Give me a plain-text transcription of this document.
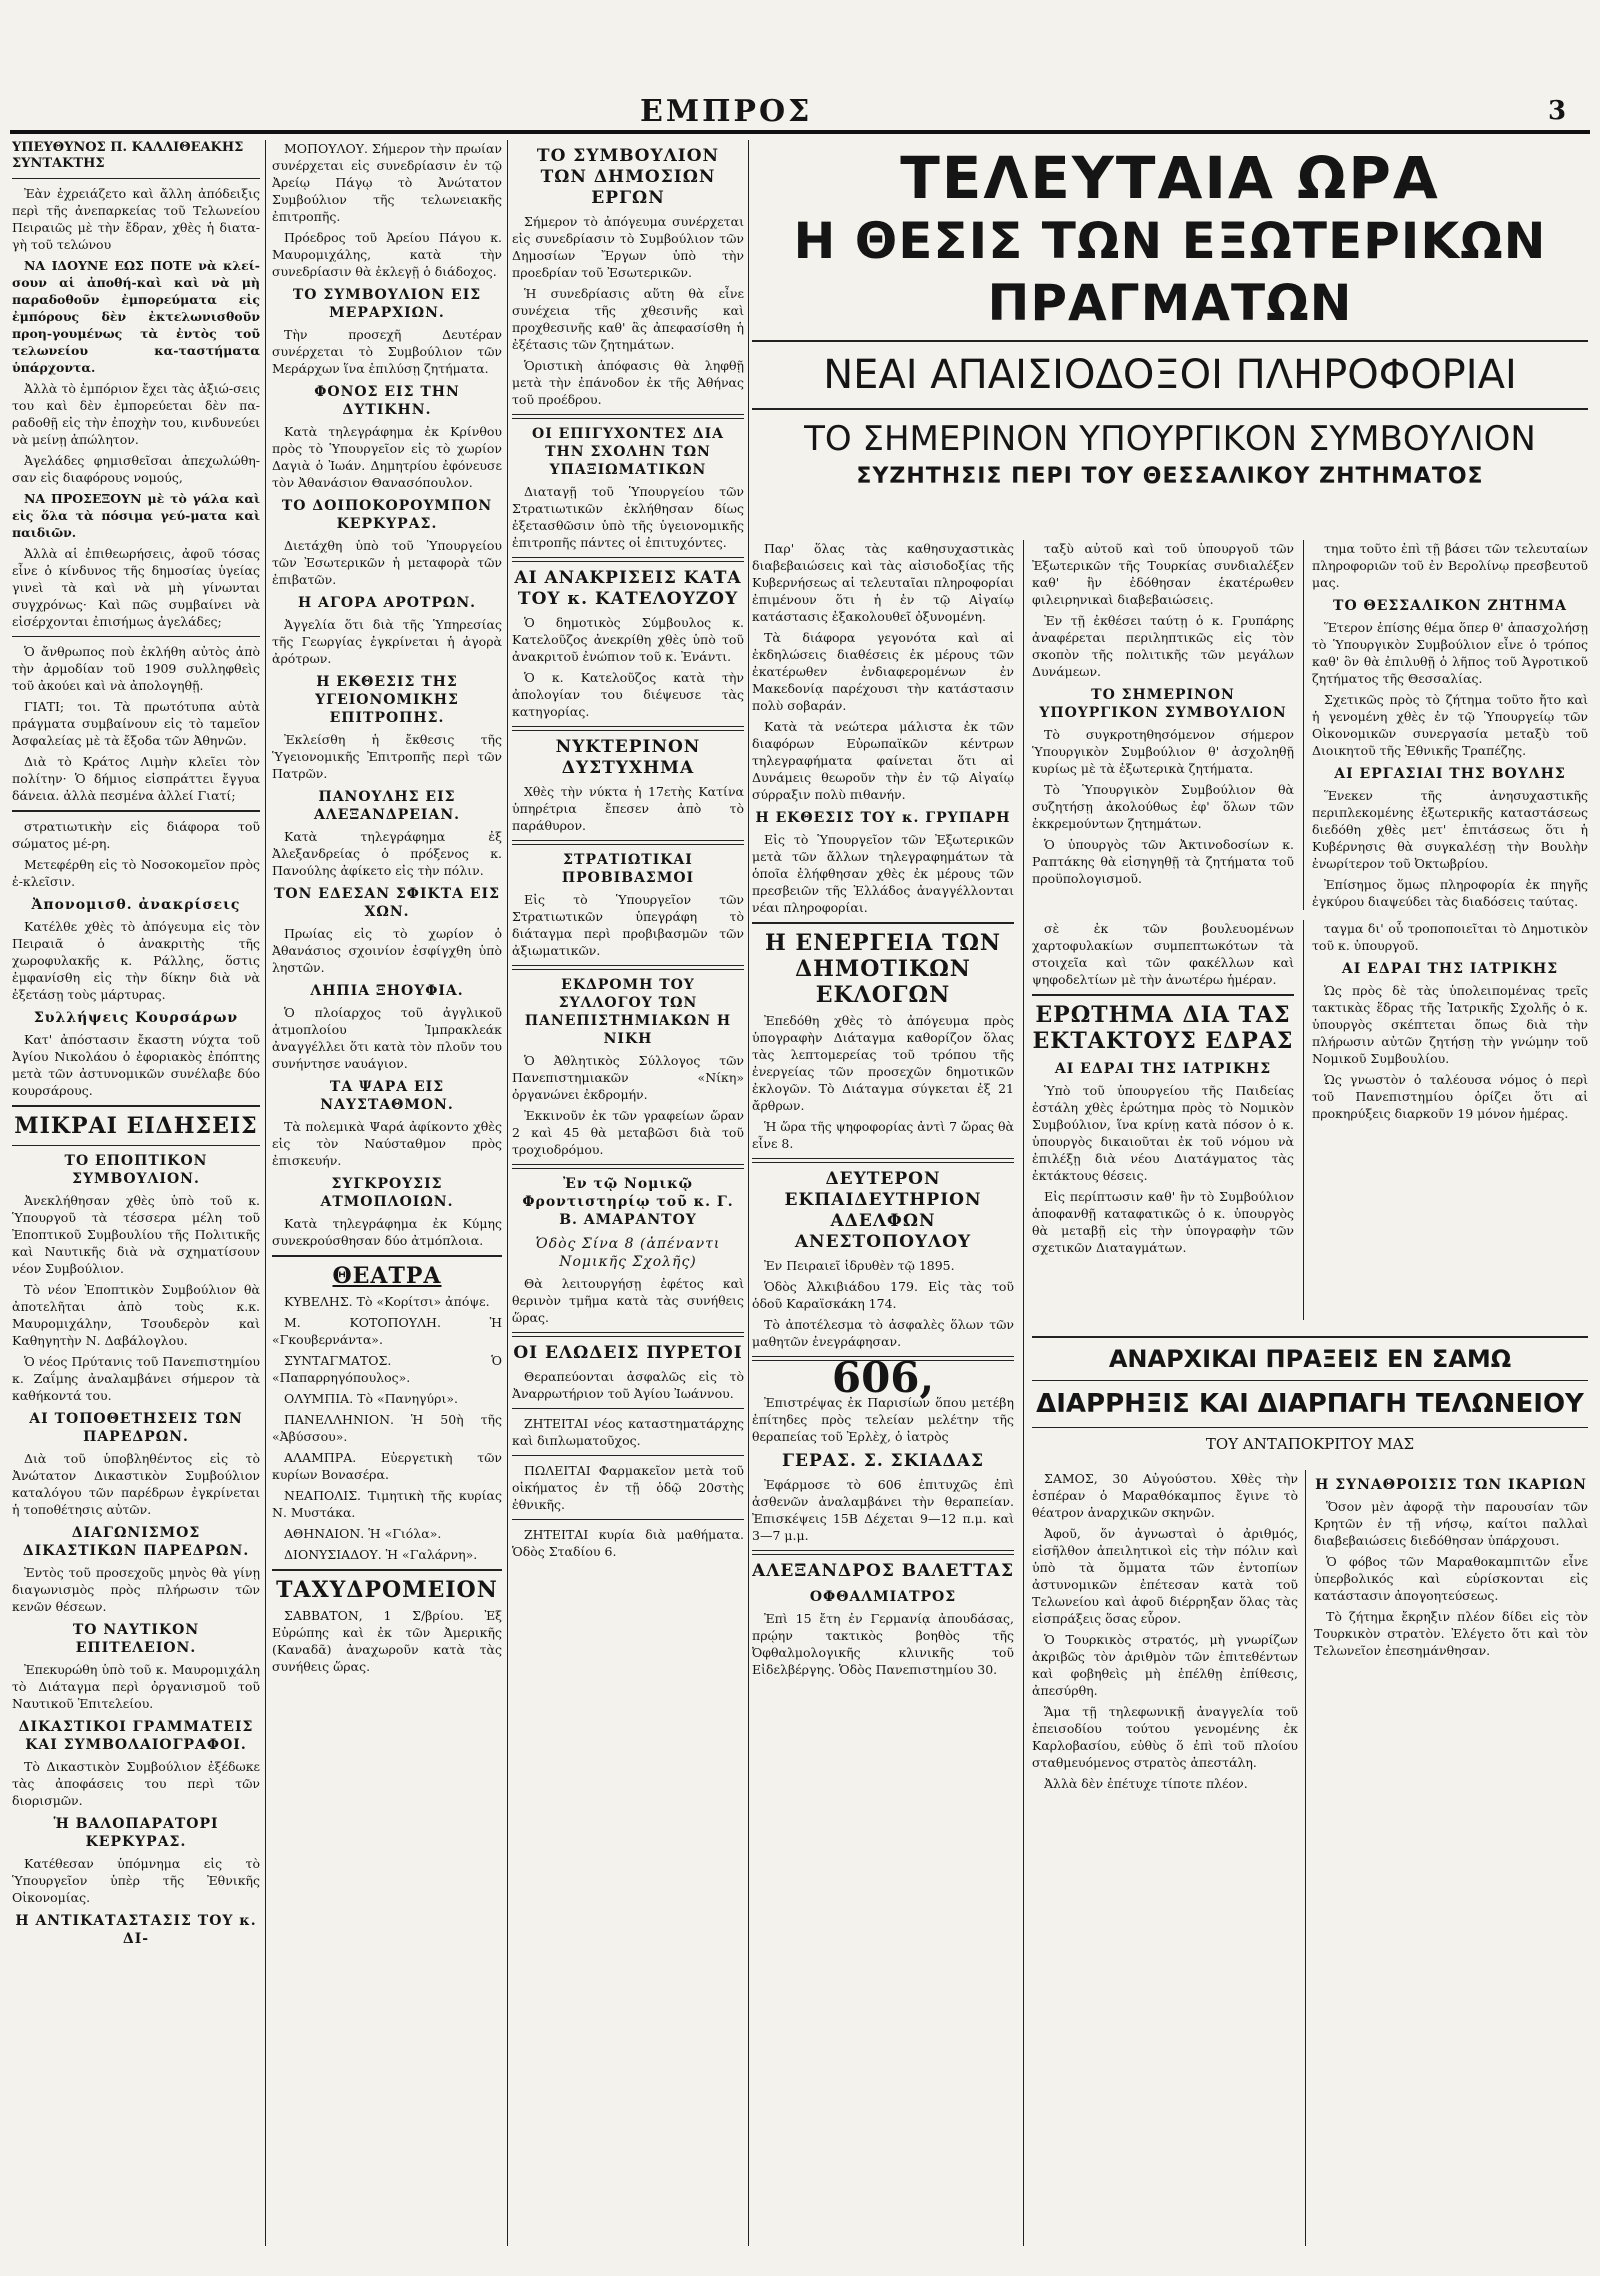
ΕΜΠΡΟΣ	3
ΥΠΕΥΘΥΝΟΣ Π. ΚΑΛΛΙΘΕΑΚΗΣ
ΣΥΝΤΑΚΤΗΣ

Ἐὰν ἐχρειάζετο καὶ ἄλλη ἀπόδειξις περὶ τῆς ἀνεπαρκείας τοῦ Τελωνείου Πειραιῶς μὲ τὴν ἔδραν, χθὲς ἡ διατα-γὴ τοῦ τελώνου

ΝΑ ΙΔΟΥΝΕ ΕΩΣ ΠΟΤΕ νὰ κλεί-σουν αἱ ἀποθή-καὶ καὶ νὰ μὴ παραδοθοῦν ἐμπορεύματα εἰς ἐμπόρους δὲν ἐκτελωνισθοῦν προη-γουμένως τὰ ἐντὸς τοῦ τελωνείου κα-ταστήματα ὑπάρχοντα.

Ἀλλὰ τὸ ἐμπόριον ἔχει τὰς ἀξιώ-σεις του καὶ δὲν ἐμπορεύεται δὲν πα-ραδοθῇ εἰς τὴν ἐποχὴν του, κινδυνεύει νὰ μείνῃ ἀπώλητον.

Ἀγελάδες φημισθεῖσαι ἀπεχωλώθη-σαν εἰς διαφόρους νομούς,

ΝΑ ΠΡΟΣΕΞΟΥΝ μὲ τὸ γάλα καὶ εἰς ὅλα τὰ πόσιμα γεύ-ματα καὶ παιδιῶν.

Ἀλλὰ αἱ ἐπιθεωρήσεις, ἀφοῦ τόσας εἶνε ὁ κίνδυνος τῆς δημοσίας ὑγείας γινεὶ τὰ καὶ νὰ μὴ γίνωνται συγχρόνως· Καὶ πῶς συμβαίνει νὰ εἰσέρχονται ἐπισήμως ἀγελάδες;

Ὁ ἄνθρωπος ποὺ ἐκλήθη αὐτὸς ἀπὸ τὴν ἀρμοδίαν τοῦ 1909 συλληφθεὶς τοῦ ἀκούει καὶ νὰ ἀπολογηθῇ.

ΓΙΑΤΙ; τοι. Τὰ πρωτότυπα αὐτὰ πράγματα συμβαίνουν εἰς τὸ ταμεῖον Ἀσφαλείας μὲ τὰ ἔξοδα τῶν Ἀθηνῶν.

Διὰ τὸ Κράτος Λιμὴν κλεῖει τὸν πολίτην· Ὁ δήμιος εἰσπράττει ἔγγυα δάνεια. ἀλλὰ πεσμένα ἀλλεί Γιατί;

στρατιωτικὴν εἰς διάφορα τοῦ σώματος μέ-ρη.

Μετεφέρθη εἰς τὸ Νοσοκομεῖον πρὸς ἐ-κλεῖσιν.

Ἀπονομισθ. ἀνακρίσεις

Κατέλθε χθὲς τὸ ἀπόγευμα εἰς τὸν Πειραιᾶ ὁ ἀνακριτὴς τῆς χωροφυλακῆς κ. Ράλλης, ὅστις ἐμφανίσθη εἰς τὴν δίκην διὰ νὰ ἐξετάσῃ τοὺς μάρτυρας.

Συλλήψεις Κουρσάρων

Κατ' ἀπόστασιν ἔκαστη νύχτα τοῦ Ἀγίου Νικολάου ὁ ἐφοριακὸς ἐπόπτης μετὰ τῶν ἀστυνομικῶν συνέλαβε δύο κουρσάρους.

ΜΙΚΡΑΙ ΕΙΔΗΣΕΙΣ
ΤΟ ΕΠΟΠΤΙΚΟΝ ΣΥΜΒΟΥΛΙΟΝ.

Ἀνεκλήθησαν χθὲς ὑπὸ τοῦ κ. Ὑπουργοῦ τὰ τέσσερα μέλη τοῦ Ἐποπτικοῦ Συμβουλίου τῆς Πολιτικῆς καὶ Ναυτικῆς διὰ νὰ σχηματίσουν νέον Συμβούλιον.

Τὸ νέον Ἐποπτικὸν Συμβούλιον θὰ ἀποτελῆται ἀπὸ τοὺς κ.κ. Μαυρομιχάλην, Τσουδερὸν καὶ Καθηγητὴν Ν. Δαβάλογλου.

Ὁ νέος Πρύτανις τοῦ Πανεπιστημίου κ. Ζαΐμης ἀναλαμβάνει σήμερον τὰ καθήκοντά του.

ΑΙ ΤΟΠΟΘΕΤΗΣΕΙΣ ΤΩΝ ΠΑΡΕΔΡΩΝ.

Διὰ τοῦ ὑποβληθέντος εἰς τὸ Ἀνώτατον Δικαστικὸν Συμβούλιον καταλόγου τῶν παρέδρων ἐγκρίνεται ἡ τοποθέτησις αὐτῶν.

ΔΙΑΓΩΝΙΣΜΟΣ ΔΙΚΑΣΤΙΚΩΝ ΠΑΡΕΔΡΩΝ.

Ἐντὸς τοῦ προσεχοῦς μηνὸς θὰ γίνῃ διαγωνισμὸς πρὸς πλήρωσιν τῶν κενῶν θέσεων.

ΤΟ ΝΑΥΤΙΚΟΝ ΕΠΙΤΕΛΕΙΟΝ.

Ἐπεκυρώθη ὑπὸ τοῦ κ. Μαυρομιχάλη τὸ Διάταγμα περὶ ὀργανισμοῦ τοῦ Ναυτικοῦ Ἐπιτελείου.

ΔΙΚΑΣΤΙΚΟΙ ΓΡΑΜΜΑΤΕΙΣ ΚΑΙ ΣΥΜΒΟΛΑΙΟΓΡΑΦΟΙ.

Τὸ Δικαστικὸν Συμβούλιον ἐξέδωκε τὰς ἀποφάσεις του περὶ τῶν διορισμῶν.

Ἡ ΒΑΛΟΠΑΡΑΤΟΡΙ ΚΕΡΚΥΡΑΣ.

Κατέθεσαν ὑπόμνημα εἰς τὸ Ὑπουργεῖον ὑπὲρ τῆς Ἐθνικῆς Οἰκονομίας.

Η ΑΝΤΙΚΑΤΑΣΤΑΣΙΣ ΤΟΥ κ. ΔΙ-

ΜΟΠΟΥΛΟΥ. Σήμερον τὴν πρωίαν συνέρχεται εἰς συνεδρίασιν ἐν τῷ Ἀρείῳ Πάγῳ τὸ Ἀνώτατον Συμβούλιον τῆς τελωνειακῆς ἐπιτροπῆς.

Πρόεδρος τοῦ Ἀρείου Πάγου κ. Μαυρομιχάλης, κατὰ τὴν συνεδρίασιν θὰ ἐκλεγῇ ὁ διάδοχος.

ΤΟ ΣΥΜΒΟΥΛΙΟΝ ΕΙΣ ΜΕΡΑΡΧΙΩΝ.

Τὴν προσεχῆ Δευτέραν συνέρχεται τὸ Συμβούλιον τῶν Μεράρχων ἵνα ἐπιλύσῃ ζητήματα.

ΦΟΝΟΣ ΕΙΣ ΤΗΝ ΔΥΤΙΚΗΝ.

Κατὰ τηλεγράφημα ἐκ Κρίνθου πρὸς τὸ Ὑπουργεῖον εἰς τὸ χωρίον Δαγιὰ ὁ Ἰωάν. Δημητρίου ἐφόνευσε τὸν Ἀθανάσιον Θανασόπουλον.

ΤΟ ΔΟΙΠΟΚΟΡΟΥΜΠΟΝ ΚΕΡΚΥΡΑΣ.

Διετάχθη ὑπὸ τοῦ Ὑπουργείου τῶν Ἐσωτερικῶν ἡ μεταφορὰ τῶν ἐπιβατῶν.

Η ΑΓΟΡΑ ΑΡΟΤΡΩΝ.

Ἀγγελία ὅτι διὰ τῆς Ὑπηρεσίας τῆς Γεωργίας ἐγκρίνεται ἡ ἀγορὰ ἀρότρων.

Η ΕΚΘΕΣΙΣ ΤΗΣ ΥΓΕΙΟΝΟΜΙΚΗΣ ΕΠΙΤΡΟΠΗΣ.

Ἐκλείσθη ἡ ἔκθεσις τῆς Ὑγειονομικῆς Ἐπιτροπῆς περὶ τῶν Πατρῶν.

ΠΑΝΟΥΛΗΣ ΕΙΣ ΑΛΕΞΑΝΔΡΕΙΑΝ.

Κατὰ τηλεγράφημα ἐξ Ἀλεξανδρείας ὁ πρόξενος κ. Πανούλης ἀφίκετο εἰς τὴν πόλιν.

ΤΟΝ ΕΔΕΣΑΝ ΣΦΙΚΤΑ ΕΙΣ ΧΩΝ.

Πρωίας εἰς τὸ χωρίον ὁ Ἀθανάσιος σχοινίον ἐσφίγχθη ὑπὸ ληστῶν.

ΛΗΠΙΑ ΞΗΟΥΦΙΑ.

Ὁ πλοίαρχος τοῦ ἀγγλικοῦ ἀτμοπλοίου Ἰμπρακλεάκ ἀναγγέλλει ὅτι κατὰ τὸν πλοῦν του συνήντησε ναυάγιον.

ΤΑ ΨΑΡΑ ΕΙΣ ΝΑΥΣΤΑΘΜΟΝ.

Τὰ πολεμικὰ Ψαρά ἀφίκοντο χθὲς εἰς τὸν Ναύσταθμον πρὸς ἐπισκευήν.

ΣΥΓΚΡΟΥΣΙΣ ΑΤΜΟΠΛΟΙΩΝ.

Κατὰ τηλεγράφημα ἐκ Κύμης συνεκρούσθησαν δύο ἀτμόπλοια.

ΘΕΑΤΡΑ

ΚΥΒΕΛΗΣ. Τὸ «Κορίτσι» ἀπόψε.

Μ. ΚΟΤΟΠΟΥΛΗ. Ἡ «Γκουβερνάντα».

ΣΥΝΤΑΓΜΑΤΟΣ. Ὁ «Παπαρρηγόπουλος».

ΟΛΥΜΠΙΑ. Τὸ «Πανηγύρι».

ΠΑΝΕΛΛΗΝΙΟΝ. Ἡ 50ὴ τῆς «Ἀβύσσου».

ΑΛΑΜΠΡΑ. Εὐεργετικὴ τῶν κυρίων Βονασέρα.

ΝΕΑΠΟΛΙΣ. Τιμητικὴ τῆς κυρίας Ν. Μυστάκα.

ΑΘΗΝΑΙΟΝ. Ἡ «Γιόλα».

ΔΙΟΝΥΣΙΑΔΟΥ. Ἡ «Γαλάρνη».

ΤΑΧΥΔΡΟΜΕΙΟΝ

ΣΑΒΒΑΤΟΝ, 1 Σ/βρίου. Ἐξ Εὐρώπης καὶ ἐκ τῶν Ἀμερικῆς (Καναδᾶ) ἀναχωροῦν κατὰ τὰς συνήθεις ὥρας.

ΤΟ ΣΥΜΒΟΥΛΙΟΝ ΤΩΝ ΔΗΜΟΣΙΩΝ ΕΡΓΩΝ

Σήμερον τὸ ἀπόγευμα συνέρχεται εἰς συνεδρίασιν τὸ Συμβούλιον τῶν Δημοσίων Ἔργων ὑπὸ τὴν προεδρίαν τοῦ Ἐσωτερικῶν.

Ἡ συνεδρίασις αὕτη θὰ εἶνε συνέχεια τῆς χθεσινῆς καὶ προχθεσινῆς καθ' ἃς ἀπεφασίσθη ἡ ἐξέτασις τῶν ζητημάτων.

Ὁριστικὴ ἀπόφασις θὰ ληφθῇ μετὰ τὴν ἐπάνοδον ἐκ τῆς Ἀθήνας τοῦ προέδρου.

ΟΙ ΕΠΙΓΥΧΟΝΤΕΣ ΔΙΑ ΤΗΝ ΣΧΟΛΗΝ ΤΩΝ ΥΠΑΞΙΩΜΑΤΙΚΩΝ

Διαταγῇ τοῦ Ὑπουργείου τῶν Στρατιωτικῶν ἐκλήθησαν δίως ἐξετασθῶσιν ὑπὸ τῆς ὑγειονομικῆς ἐπιτροπῆς πάντες οἱ ἐπιτυχόντες.

ΑΙ ΑΝΑΚΡΙΣΕΙΣ ΚΑΤΑ ΤΟΥ κ. ΚΑΤΕΛΟΥΖΟΥ

Ὁ δημοτικὸς Σύμβουλος κ. Κατελοῦζος ἀνεκρίθη χθὲς ὑπὸ τοῦ ἀνακριτοῦ ἐνώπιον τοῦ κ. Ἐνάντι.

Ὁ κ. Κατελοῦζος κατὰ τὴν ἀπολογίαν του διέψευσε τὰς κατηγορίας.

ΝΥΚΤΕΡΙΝΟΝ ΔΥΣΤΥΧΗΜΑ

Χθὲς τὴν νύκτα ἡ 17ετὴς Κατίνα ὑπηρέτρια ἔπεσεν ἀπὸ τὸ παράθυρον.

ΣΤΡΑΤΙΩΤΙΚΑΙ ΠΡΟΒΙΒΑΣΜΟΙ

Εἰς τὸ Ὑπουργεῖον τῶν Στρατιωτικῶν ὑπεγράφη τὸ διάταγμα περὶ προβιβασμῶν τῶν ἀξιωματικῶν.

ΕΚΔΡΟΜΗ ΤΟΥ ΣΥΛΛΟΓΟΥ ΤΩΝ ΠΑΝΕΠΙΣΤΗΜΙΑΚΩΝ Η ΝΙΚΗ

Ὁ Ἀθλητικὸς Σύλλογος τῶν Πανεπιστημιακῶν «Νίκη» ὀργανώνει ἐκδρομήν.

Ἐκκινοῦν ἐκ τῶν γραφείων ὥραν 2 καὶ 45 θὰ μεταβῶσι διὰ τοῦ τροχιοδρόμου.

Ἐν τῷ Νομικῷ Φροντιστηρίῳ τοῦ κ. Γ. Β. ΑΜΑΡΑΝΤΟΥ
Ὁδὸς Σίνα 8 (ἀπέναντι Νομικῆς Σχολῆς)

Θὰ λειτουργήσῃ ἐφέτος καὶ θερινὸν τμῆμα κατὰ τὰς συνήθεις ὥρας.

ΟΙ ΕΛΩΔΕΙΣ ΠΥΡΕΤΟΙ

Θεραπεύονται ἀσφαλῶς εἰς τὸ Ἀναρρωτήριον τοῦ Ἀγίου Ἰωάννου.

ΖΗΤΕΙΤΑΙ νέος καταστηματάρχης καὶ διπλωματοῦχος.

ΠΩΛΕΙΤΑΙ Φαρμακεῖον μετὰ τοῦ οἰκήματος ἐν τῇ ὁδῷ 20στὴς ἐθνικῆς.

ΖΗΤΕΙΤΑΙ κυρία διὰ μαθήματα. Ὁδὸς Σταδίου 6.

ΤΕΛΕΥΤΑΙΑ ΩΡΑ
Η ΘΕΣΙΣ ΤΩΝ ΕΞΩΤΕΡΙΚΩΝ ΠΡΑΓΜΑΤΩΝ
ΝΕΑΙ ΑΠΑΙΣΙΟΔΟΞΟΙ ΠΛΗΡΟΦΟΡΙΑΙ
ΤΟ ΣΗΜΕΡΙΝΟΝ ΥΠΟΥΡΓΙΚΟΝ ΣΥΜΒΟΥΛΙΟΝ
ΣΥΖΗΤΗΣΙΣ ΠΕΡΙ ΤΟΥ ΘΕΣΣΑΛΙΚΟΥ ΖΗΤΗΜΑΤΟΣ

Παρ' ὅλας τὰς καθησυχαστικὰς διαβεβαιώσεις καὶ τὰς αἰσιοδοξίας τῆς Κυβερνήσεως αἱ τελευταῖαι πληροφορίαι ἐπιμένουν ὅτι ἡ ἐν τῷ Αἰγαίῳ κατάστασις ἐξακολουθεῖ ὀξυνομένη.

Τὰ διάφορα γεγονότα καὶ αἱ ἐκδηλώσεις διαθέσεις ἐκ μέρους τῶν ἐκατέρωθεν ἐνδιαφερομένων ἐν Μακεδονίᾳ παρέχουσι τὴν κατάστασιν πολὺ σοβαράν.

Κατὰ τὰ νεώτερα μάλιστα ἐκ τῶν διαφόρων Εὐρωπαϊκῶν κέντρων τηλεγραφήματα φαίνεται ὅτι αἱ Δυνάμεις θεωροῦν τὴν ἐν τῷ Αἰγαίῳ σύρραξιν πολὺ πιθανήν.

Η ΕΚΘΕΣΙΣ ΤΟΥ κ. ΓΡΥΠΑΡΗ

Εἰς τὸ Ὑπουργεῖον τῶν Ἐξωτερικῶν μετὰ τῶν ἄλλων τηλεγραφημάτων τὰ ὁποῖα ἐλήφθησαν χθὲς ἐκ μέρους τῶν πρεσβειῶν τῆς Ἑλλάδος ἀναγγέλλονται νέαι πληροφορίαι.

Η ΕΝΕΡΓΕΙΑ ΤΩΝ ΔΗΜΟΤΙΚΩΝ ΕΚΛΟΓΩΝ

Ἐπεδόθη χθὲς τὸ ἀπόγευμα πρὸς ὑπογραφὴν Διάταγμα καθορίζον ὅλας τὰς λεπτομερείας τοῦ τρόπου τῆς ἐνεργείας τῶν προσεχῶν δημοτικῶν ἐκλογῶν. Τὸ Διάταγμα σύγκεται ἐξ 21 ἄρθρων.

Ἡ ὥρα τῆς ψηφοφορίας ἀντὶ 7 ὥρας θὰ εἶνε 8.

ΔΕΥΤΕΡΟΝ ΕΚΠΑΙΔΕΥΤΗΡΙΟΝ ΑΔΕΛΦΩΝ ΑΝΕΣΤΟΠΟΥΛΟΥ

Ἐν Πειραιεῖ ἱδρυθὲν τῷ 1895.

Ὁδὸς Ἀλκιβιάδου 179. Εἰς τὰς τοῦ ὁδοῦ Καραϊσκάκη 174.

Τὸ ἀποτέλεσμα τὸ ἀσφαλὲς ὅλων τῶν μαθητῶν ἐνεγράφησαν.

606,

Ἐπιστρέψας ἐκ Παρισίων ὅπου μετέβη ἐπίτηδες πρὸς τελείαν μελέτην τῆς θεραπείας τοῦ Ἐρλὲχ, ὁ ἰατρὸς

ΓΕΡΑΣ. Σ. ΣΚΙΑΔΑΣ

Ἐφάρμοσε τὸ 606 ἐπιτυχῶς ἐπὶ ἀσθενῶν ἀναλαμβάνει τὴν θεραπείαν. Ἐπισκέψεις 15Β Δέχεται 9—12 π.μ. καὶ 3—7 μ.μ.

ΑΛΕΞΑΝΔΡΟΣ ΒΑΛΕΤΤΑΣ
ΟΦΘΑΛΜΙΑΤΡΟΣ

Ἐπὶ 15 ἔτη ἐν Γερμανίᾳ ἀπουδάσας, πρῴην τακτικὸς βοηθὸς τῆς Ὀφθαλμολογικῆς κλινικῆς τοῦ Εἰδελβέργης. Ὁδὸς Πανεπιστημίου 30.

ταξὺ αὐτοῦ καὶ τοῦ ὑπουργοῦ τῶν Ἐξωτερικῶν τῆς Τουρκίας συνδιαλέξεν καθ' ἣν ἐδόθησαν ἑκατέρωθεν φιλειρηνικαὶ διαβεβαιώσεις.

Ἐν τῇ ἐκθέσει ταύτῃ ὁ κ. Γρυπάρης ἀναφέρεται περιληπτικῶς εἰς τὸν σκοπὸν τῆς πολιτικῆς τῶν μεγάλων Δυνάμεων.

ΤΟ ΣΗΜΕΡΙΝΟΝ ΥΠΟΥΡΓΙΚΟΝ ΣΥΜΒΟΥΛΙΟΝ

Τὸ συγκροτηθησόμενον σήμερον Ὑπουργικὸν Συμβούλιον θ' ἀσχοληθῇ κυρίως μὲ τὰ ἐξωτερικὰ ζητήματα.

Τὸ Ὑπουργικὸν Συμβούλιον θὰ συζητήσῃ ἀκολούθως ἐφ' ὅλων τῶν ἐκκρεμούντων ζητημάτων.

Ὁ ὑπουργὸς τῶν Ἀκτινοδοσίων κ. Ραπτάκης θὰ εἰσηγηθῇ τὰ ζητήματα τοῦ προϋπολογισμοῦ.

τημα τοῦτο ἐπὶ τῇ βάσει τῶν τελευταίων πληροφοριῶν τοῦ ἐν Βερολίνῳ πρεσβευτοῦ μας.

ΤΟ ΘΕΣΣΑΛΙΚΟΝ ΖΗΤΗΜΑ

Ἕτερον ἐπίσης θέμα ὅπερ θ' ἀπασχολήσῃ τὸ Ὑπουργικὸν Συμβούλιον εἶνε ὁ τρόπος καθ' ὃν θὰ ἐπιλυθῇ ὁ λῆπος τοῦ Ἀγροτικοῦ ζητήματος τῆς Θεσσαλίας.

Σχετικῶς πρὸς τὸ ζήτημα τοῦτο ἤτο καὶ ἡ γενομένη χθὲς ἐν τῷ Ὑπουργείῳ τῶν Οἰκονομικῶν συνεργασία μεταξὺ τοῦ Διοικητοῦ τῆς Ἐθνικῆς Τραπέζης.

ΑΙ ΕΡΓΑΣΙΑΙ ΤΗΣ ΒΟΥΛΗΣ

Ἕνεκεν τῆς ἀνησυχαστικῆς περιπλεκομένης ἐξωτερικῆς καταστάσεως διεδόθη χθὲς μετ' ἐπιτάσεως ὅτι ἡ Κυβέρνησις θὰ συγκαλέσῃ τὴν Βουλὴν ἐνωρίτερον τοῦ Ὀκτωβρίου.

Ἐπίσημος ὅμως πληροφορία ἐκ πηγῆς ἐγκύρου διαψεύδει τὰς διαδόσεις ταύτας.

σὲ ἐκ τῶν βουλευομένων χαρτοφυλακίων συμπεπτωκότων τὰ στοιχεῖα καὶ τῶν φακέλλων καὶ ψηφοδελτίων μὲ τὴν ἀνωτέρω ἡμέραν.

ΕΡΩΤΗΜΑ ΔΙΑ ΤΑΣ ΕΚΤΑΚΤΟΥΣ ΕΔΡΑΣ
ΑΙ ΕΔΡΑΙ ΤΗΣ ΙΑΤΡΙΚΗΣ

Ὑπὸ τοῦ ὑπουργείου τῆς Παιδείας ἐστάλη χθὲς ἐρώτημα πρὸς τὸ Νομικὸν Συμβούλιον, ἵνα κρίνῃ κατὰ πόσον ὁ κ. ὑπουργὸς δικαιοῦται ἐκ τοῦ νόμου νὰ ἐπιλέξῃ διὰ νέου Διατάγματος τὰς ἐκτάκτους θέσεις.

Εἰς περίπτωσιν καθ' ἣν τὸ Συμβούλιον ἀποφανθῇ καταφατικῶς ὁ κ. ὑπουργὸς θὰ μεταβῇ εἰς τὴν ὑπογραφὴν τῶν σχετικῶν Διαταγμάτων.

ταγμα δι' οὗ τροποποιεῖται τὸ Δημοτικὸν τοῦ κ. ὑπουργοῦ.

ΑΙ ΕΔΡΑΙ ΤΗΣ ΙΑΤΡΙΚΗΣ

Ὡς πρὸς δὲ τὰς ὑπολειπομένας τρεῖς τακτικὰς ἕδρας τῆς Ἰατρικῆς Σχολῆς ὁ κ. ὑπουργὸς σκέπτεται ὅπως διὰ τὴν πλήρωσιν αὐτῶν ζητήσῃ τὴν γνώμην τοῦ Νομικοῦ Συμβουλίου.

Ὡς γνωστὸν ὁ ταλέουσα νόμος ὁ περὶ τοῦ Πανεπιστημίου ὁρίζει ὅτι αἱ προκηρύξεις διαρκοῦν 19 μόνον ἡμέρας.

ΑΝΑΡΧΙΚΑΙ ΠΡΑΞΕΙΣ ΕΝ ΣΑΜΩ
ΔΙΑΡΡΗΞΙΣ ΚΑΙ ΔΙΑΡΠΑΓΗ ΤΕΛΩΝΕΙΟΥ
ΤΟΥ ΑΝΤΑΠΟΚΡΙΤΟΥ ΜΑΣ

ΣΑΜΟΣ, 30 Αὐγούστου. Χθὲς τὴν ἑσπέραν ὁ Μαραθόκαμπος ἔγινε τὸ θέατρον ἀναρχικῶν σκηνῶν.

Ἀφοῦ, ὅν ἀγνωσταὶ ὁ ἀριθμός, εἰσῆλθον ἀπειλητικοὶ εἰς τὴν πόλιν καὶ ὑπὸ τὰ ὄμματα τῶν ἐντοπίων ἀστυνομικῶν ἐπέτεσαν κατὰ τοῦ Τελωνείου καὶ ἀφοῦ διέρρηξαν ὅλας τὰς εἰσπράξεις ὅσας εὗρον.

Ὁ Τουρκικὸς στρατός, μὴ γνωρίζων ἀκριβῶς τὸν ἀριθμὸν τῶν ἐπιτεθέντων καὶ φοβηθεὶς μὴ ἐπέλθῃ ἐπίθεσις, ἀπεσύρθη.

Ἅμα τῇ τηλεφωνικῇ ἀναγγελία τοῦ ἐπεισοδίου τούτου γενομένης ἐκ Καρλοβασίου, εὐθὺς ὅ ἐπὶ τοῦ πλοίου σταθμευόμενος στρατὸς ἀπεστάλη.

Ἀλλὰ δὲν ἐπέτυχε τίποτε πλέον.

Η ΣΥΝΑΘΡΟΙΣΙΣ ΤΩΝ ΙΚΑΡΙΩΝ

Ὅσον μὲν ἀφορᾷ τὴν παρουσίαν τῶν Κρητῶν ἐν τῇ νήσῳ, καίτοι παλλαὶ διαβεβαιώσεις διεδόθησαν ὑπάρχουσι.

Ὁ φόβος τῶν Μαραθοκαμπιτῶν εἶνε ὑπερβολικός καὶ εὑρίσκονται εἰς κατάστασιν ἀπογοητεύσεως.

Τὸ ζήτημα ἔκρηξιν πλέον δίδει εἰς τὸν Τουρκικὸν στρατὸν. Ἐλέγετο ὅτι καὶ τὸν Τελωνεῖον ἐπεσημάνθησαν.
